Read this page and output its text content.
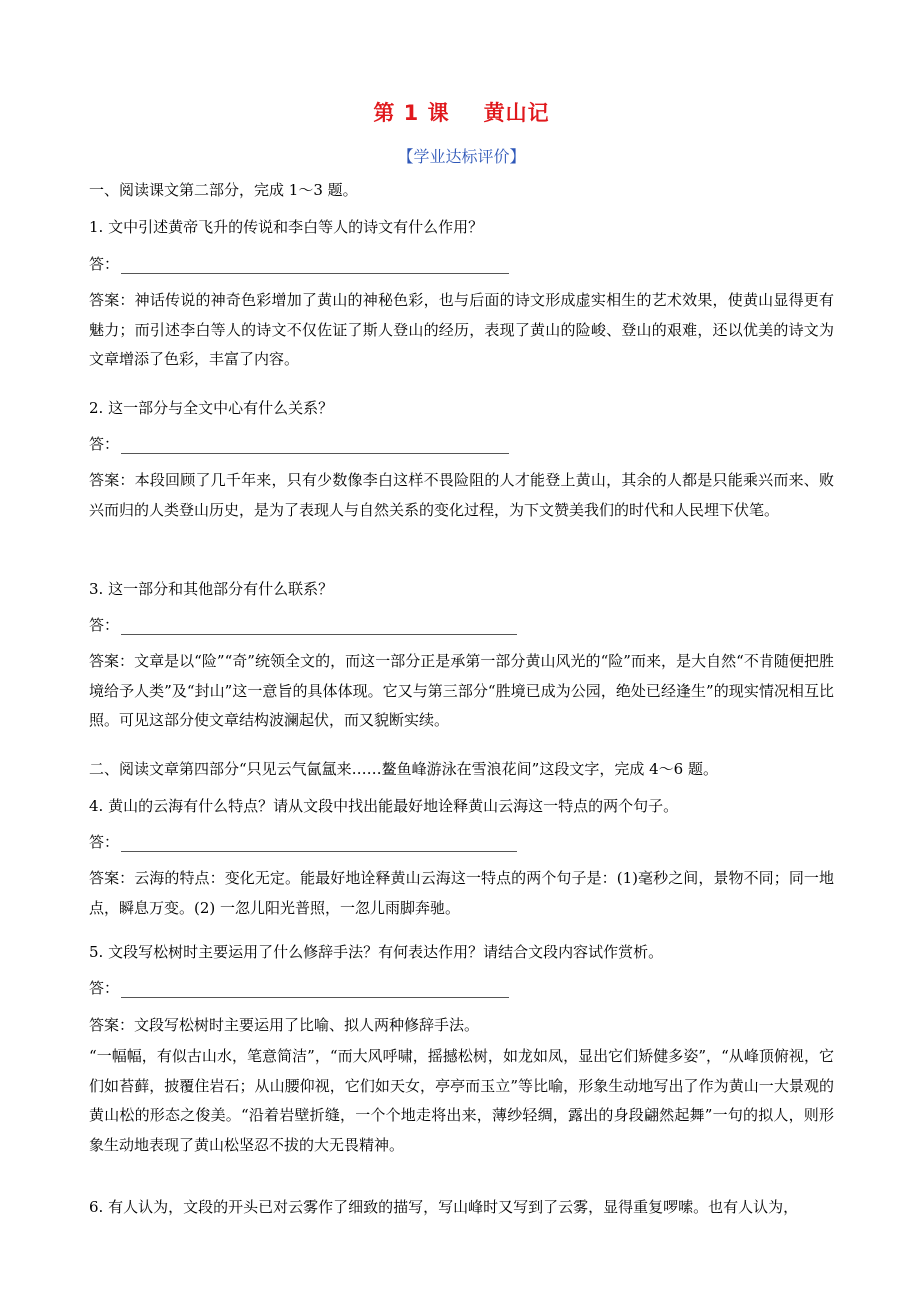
第 1 课 黄山记
【学业达标评价】
一、阅读课文第二部分，完成 1～3 题。
1. 文中引述黄帝飞升的传说和李白等人的诗文有什么作用？
答：
答案：神话传说的神奇色彩增加了黄山的神秘色彩，也与后面的诗文形成虚实相生的艺术效果，使黄山显得更有魅力；而引述李白等人的诗文不仅佐证了斯人登山的经历，表现了黄山的险峻、登山的艰难，还以优美的诗文为文章增添了色彩，丰富了内容。
2. 这一部分与全文中心有什么关系？
答：
答案：本段回顾了几千年来，只有少数像李白这样不畏险阻的人才能登上黄山，其余的人都是只能乘兴而来、败兴而归的人类登山历史，是为了表现人与自然关系的变化过程，为下文赞美我们的时代和人民埋下伏笔。
3. 这一部分和其他部分有什么联系？
答：
答案：文章是以“险”“奇”统领全文的，而这一部分正是承第一部分黄山风光的“险”而来，是大自然“不肯随便把胜境给予人类”及“封山”这一意旨的具体体现。它又与第三部分“胜境已成为公园，绝处已经逢生”的现实情况相互比照。可见这部分使文章结构波澜起伏，而又貌断实续。
二、阅读文章第四部分“只见云气氤氲来……鳌鱼峰游泳在雪浪花间”这段文字，完成 4～6 题。
4. 黄山的云海有什么特点？请从文段中找出能最好地诠释黄山云海这一特点的两个句子。
答：
答案：云海的特点：变化无定。能最好地诠释黄山云海这一特点的两个句子是：(1)毫秒之间，景物不同；同一地点，瞬息万变。(2) 一忽儿阳光普照，一忽儿雨脚奔驰。
5. 文段写松树时主要运用了什么修辞手法？有何表达作用？请结合文段内容试作赏析。
答：
答案：文段写松树时主要运用了比喻、拟人两种修辞手法。
“一幅幅，有似古山水，笔意简洁”，“而大风呼啸，摇撼松树，如龙如凤，显出它们矫健多姿”，“从峰顶俯视，它们如苔藓，披覆住岩石；从山腰仰视，它们如天女，亭亭而玉立”等比喻，形象生动地写出了作为黄山一大景观的黄山松的形态之俊美。“沿着岩壁折缝，一个个地走将出来，薄纱轻绸，露出的身段翩然起舞”一句的拟人，则形象生动地表现了黄山松坚忍不拔的大无畏精神。
6. 有人认为，文段的开头已对云雾作了细致的描写，写山峰时又写到了云雾，显得重复啰嗦。也有人认为，
